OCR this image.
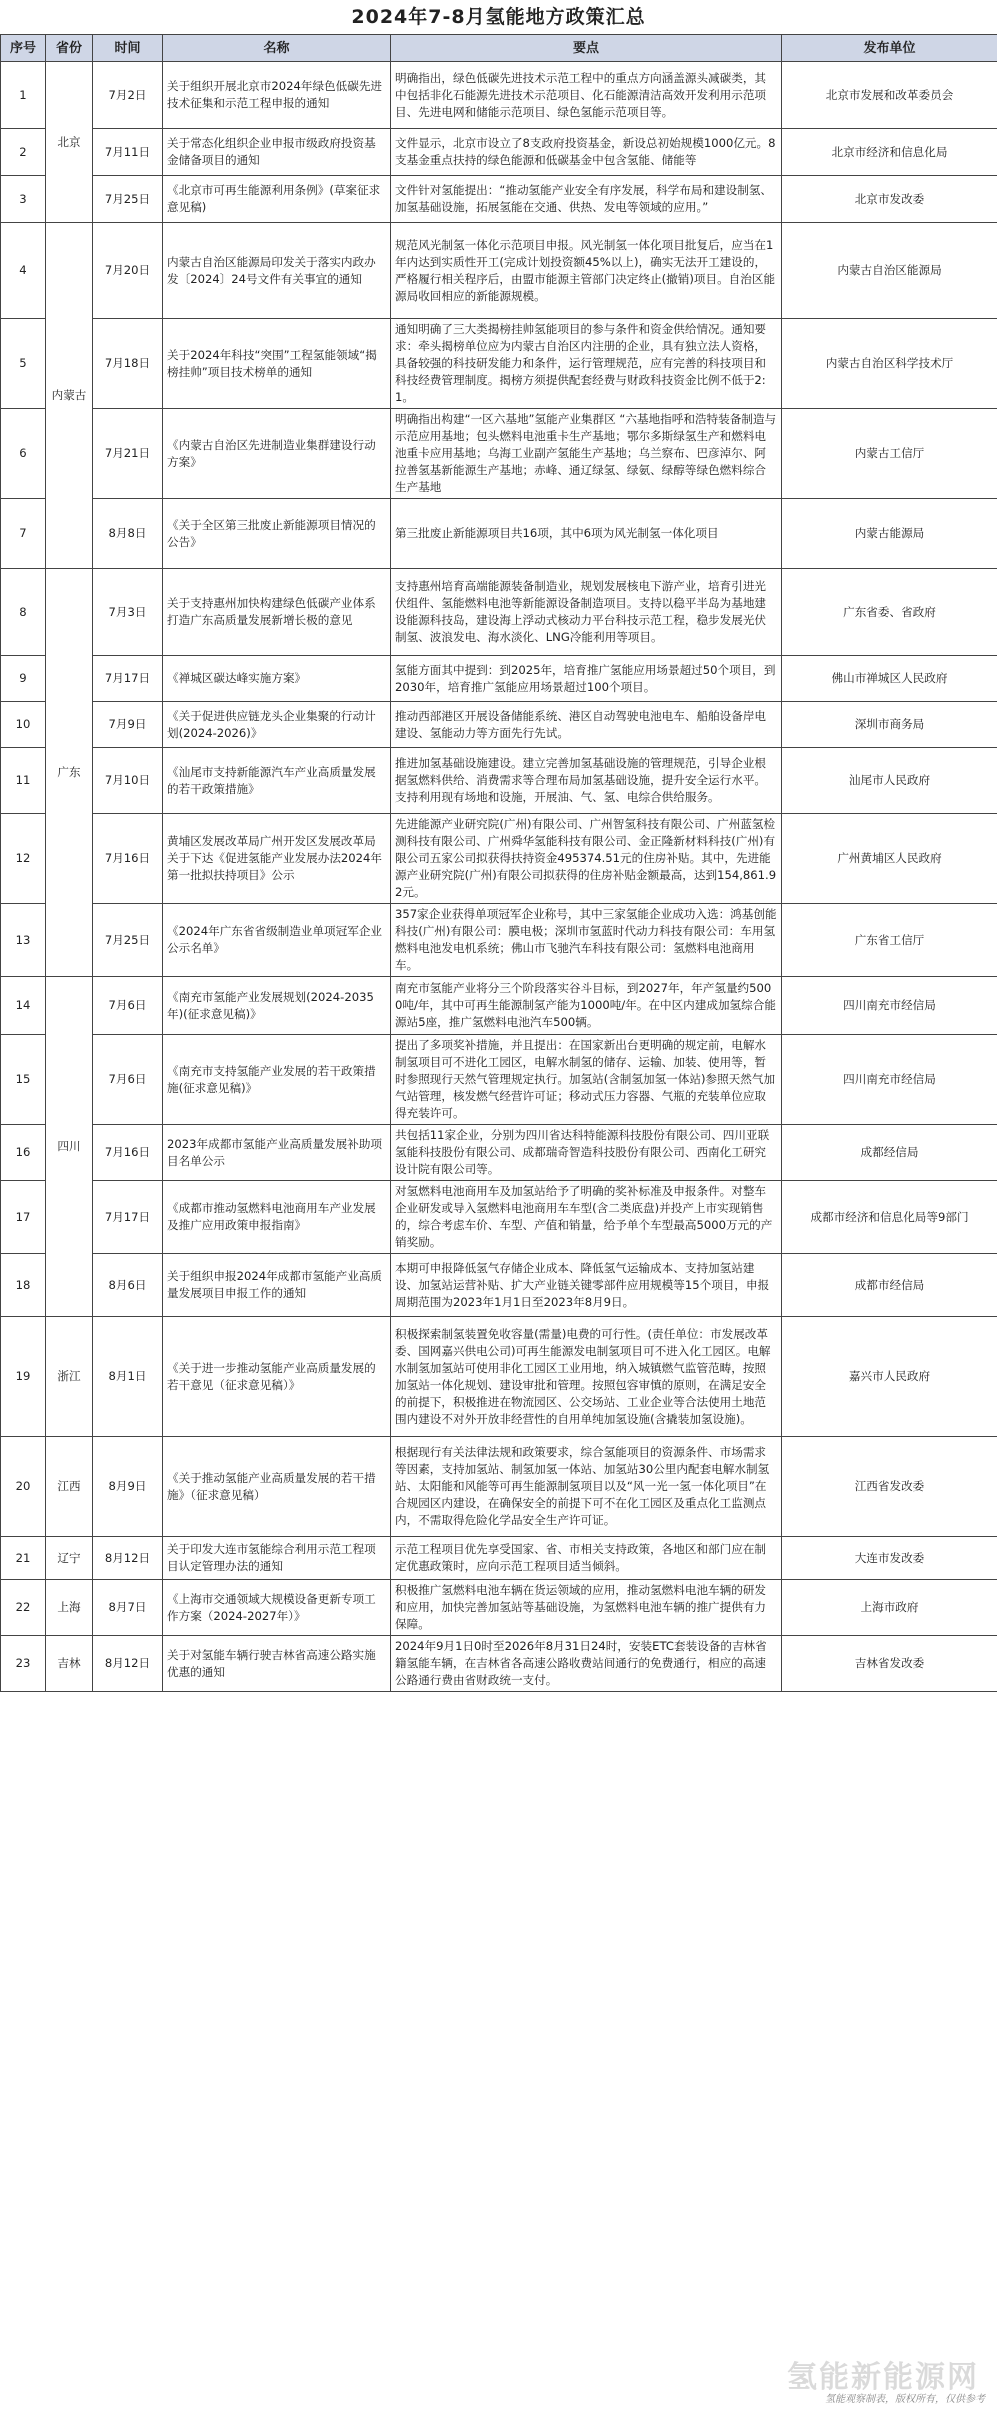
2024年7-8月氢能地方政策汇总
序号	省份	时间	名称	要点	发布单位
1	北京	7月2日	关于组织开展北京市2024年绿色低碳先进技术征集和示范工程申报的通知	明确指出，绿色低碳先进技术示范工程中的重点方向涵盖源头减碳类，其中包括非化石能源先进技术示范项目、化石能源清洁高效开发利用示范项目、先进电网和储能示范项目、绿色氢能示范项目等。	北京市发展和改革委员会
2		7月11日	关于常态化组织企业申报市级政府投资基金储备项目的通知	文件显示，北京市设立了8支政府投资基金，新设总初始规模1000亿元。8支基金重点扶持的绿色能源和低碳基金中包含氢能、储能等	北京市经济和信息化局
3		7月25日	《北京市可再生能源利用条例》(草案征求意见稿)	文件针对氢能提出：“推动氢能产业安全有序发展，科学布局和建设制氢、加氢基础设施，拓展氢能在交通、供热、发电等领域的应用。”	北京市发改委
4	内蒙古	7月20日	内蒙古自治区能源局印发关于落实内政办发〔2024〕24号文件有关事宜的通知	规范风光制氢一体化示范项目申报。风光制氢一体化项目批复后，应当在1年内达到实质性开工(完成计划投资额45%以上)，确实无法开工建设的，严格履行相关程序后，由盟市能源主管部门决定终止(撤销)项目。自治区能源局收回相应的新能源规模。	内蒙古自治区能源局
5		7月18日	关于2024年科技“突围”工程氢能领域“揭榜挂帅”项目技术榜单的通知	通知明确了三大类揭榜挂帅氢能项目的参与条件和资金供给情况。通知要求：牵头揭榜单位应为内蒙古自治区内注册的企业，具有独立法人资格，具备较强的科技研发能力和条件，运行管理规范，应有完善的科技项目和科技经费管理制度。揭榜方须提供配套经费与财政科技资金比例不低于2:1。	内蒙古自治区科学技术厅
6		7月21日	《内蒙古自治区先进制造业集群建设行动方案》	明确指出构建“一区六基地”氢能产业集群区 “六基地指呼和浩特装备制造与示范应用基地；包头燃料电池重卡生产基地；鄂尔多斯绿氢生产和燃料电池重卡应用基地；乌海工业副产氢能生产基地；乌兰察布、巴彦淖尔、阿拉善氢基新能源生产基地；赤峰、通辽绿氢、绿氨、绿醇等绿色燃料综合生产基地	内蒙古工信厅
7		8月8日	《关于全区第三批废止新能源项目情况的公告》	第三批废止新能源项目共16项，其中6项为风光制氢一体化项目	内蒙古能源局
8	广东	7月3日	关于支持惠州加快构建绿色低碳产业体系打造广东高质量发展新增长极的意见	支持惠州培育高端能源装备制造业，规划发展核电下游产业，培育引进光伏组件、氢能燃料电池等新能源设备制造项目。支持以稳平半岛为基地建设能源科技岛，建设海上浮动式核动力平台科技示范工程，稳步发展光伏制氢、波浪发电、海水淡化、LNG冷能利用等项目。	广东省委、省政府
9		7月17日	《禅城区碳达峰实施方案》	氢能方面其中提到：到2025年，培育推广氢能应用场景超过50个项目，到2030年，培育推广氢能应用场景超过100个项目。	佛山市禅城区人民政府
10		7月9日	《关于促进供应链龙头企业集聚的行动计划(2024-2026)》	推动西部港区开展设备储能系统、港区自动驾驶电池电车、船舶设备岸电建设、氢能动力等方面先行先试。	深圳市商务局
11		7月10日	《汕尾市支持新能源汽车产业高质量发展的若干政策措施》	推进加氢基础设施建设。建立完善加氢基础设施的管理规范，引导企业根据氢燃料供给、消费需求等合理布局加氢基础设施，提升安全运行水平。支持利用现有场地和设施，开展油、气、氢、电综合供给服务。	汕尾市人民政府
12		7月16日	黄埔区发展改革局广州开发区发展改革局关于下达《促进氢能产业发展办法2024年第一批拟扶持项目》公示	先进能源产业研究院(广州)有限公司、广州智氢科技有限公司、广州蓝氢检测科技有限公司、广州舜华氢能科技有限公司、金正隆新材料科技(广州)有限公司五家公司拟获得扶持资金495374.51元的住房补贴。其中，先进能源产业研究院(广州)有限公司拟获得的住房补贴金额最高，达到154,861.92元。	广州黄埔区人民政府
13		7月25日	《2024年广东省省级制造业单项冠军企业公示名单》	357家企业获得单项冠军企业称号，其中三家氢能企业成功入选：鸿基创能科技(广州)有限公司：膜电极；深圳市氢蓝时代动力科技有限公司：车用氢燃料电池发电机系统；佛山市飞驰汽车科技有限公司：氢燃料电池商用车。	广东省工信厅
14	四川	7月6日	《南充市氢能产业发展规划(2024-2035年)(征求意见稿)》	南充市氢能产业将分三个阶段落实谷斗目标，到2027年，年产氢量约5000吨/年，其中可再生能源制氢产能为1000吨/年。在中区内建成加氢综合能源站5座，推广氢燃料电池汽车500辆。	四川南充市经信局
15		7月6日	《南充市支持氢能产业发展的若干政策措施(征求意见稿)》	提出了多项奖补措施，并且提出：在国家新出台更明确的规定前，电解水制氢项目可不进化工园区，电解水制氢的储存、运输、加装、使用等，暂时参照现行天然气管理规定执行。加氢站(含制氢加氢一体站)参照天然气加气站管理，核发燃气经营许可证；移动式压力容器、气瓶的充装单位应取得充装许可。	四川南充市经信局
16		7月16日	2023年成都市氢能产业高质量发展补助项目名单公示	共包括11家企业，分别为四川省达科特能源科技股份有限公司、四川亚联氢能科技股份有限公司、成都瑞奇智造科技股份有限公司、西南化工研究设计院有限公司等。	成都经信局
17		7月17日	《成都市推动氢燃料电池商用车产业发展及推广应用政策申报指南》	对氢燃料电池商用车及加氢站给予了明确的奖补标准及申报条件。对整车企业研发或导入氢燃料电池商用车车型(含二类底盘)并投产上市实现销售的，综合考虑车价、车型、产值和销量，给予单个车型最高5000万元的产销奖励。	成都市经济和信息化局等9部门
18		8月6日	关于组织申报2024年成都市氢能产业高质量发展项目申报工作的通知	本期可申报降低氢气存储企业成本、降低氢气运输成本、支持加氢站建设、加氢站运营补贴、扩大产业链关键零部件应用规模等15个项目，申报周期范围为2023年1月1日至2023年8月9日。	成都市经信局
19	浙江	8月1日	《关于进一步推动氢能产业高质量发展的若干意见（征求意见稿）》	积极探索制氢装置免收容量(需量)电费的可行性。(责任单位：市发展改革委、国网嘉兴供电公司)可再生能源发电制氢项目可不进入化工园区。电解水制氢加氢站可使用非化工园区工业用地，纳入城镇燃气监管范畴，按照加氢站一体化规划、建设审批和管理。按照包容审慎的原则，在满足安全的前提下，积极推进在物流园区、公交场站、工业企业等合法使用土地范围内建设不对外开放非经营性的自用单纯加氢设施(含撬装加氢设施)。	嘉兴市人民政府
20	江西	8月9日	《关于推动氢能产业高质量发展的若干措施》（征求意见稿）	根据现行有关法律法规和政策要求，综合氢能项目的资源条件、市场需求等因素，支持加氢站、制氢加氢一体站、加氢站30公里内配套电解水制氢站、太阳能和风能等可再生能源制氢项目以及“风一光一氢一体化项目”在合规园区内建设，在确保安全的前提下可不在化工园区及重点化工监测点内，不需取得危险化学品安全生产许可证。	江西省发改委
21	辽宁	8月12日	关于印发大连市氢能综合利用示范工程项目认定管理办法的通知	示范工程项目优先享受国家、省、市相关支持政策，各地区和部门应在制定优惠政策时，应向示范工程项目适当倾斜。	大连市发改委
22	上海	8月7日	《上海市交通领域大规模设备更新专项工作方案（2024-2027年）》	积极推广氢燃料电池车辆在货运领域的应用，推动氢燃料电池车辆的研发和应用，加快完善加氢站等基础设施，为氢燃料电池车辆的推广提供有力保障。	上海市政府
23	吉林	8月12日	关于对氢能车辆行驶吉林省高速公路实施优惠的通知	2024年9月1日0时至2026年8月31日24时，安装ETC套装设备的吉林省籍氢能车辆，在吉林省各高速公路收费站间通行的免费通行，相应的高速公路通行费由省财政统一支付。	吉林省发改委
氢能新能源网
氢能观察制表，版权所有，仅供参考
